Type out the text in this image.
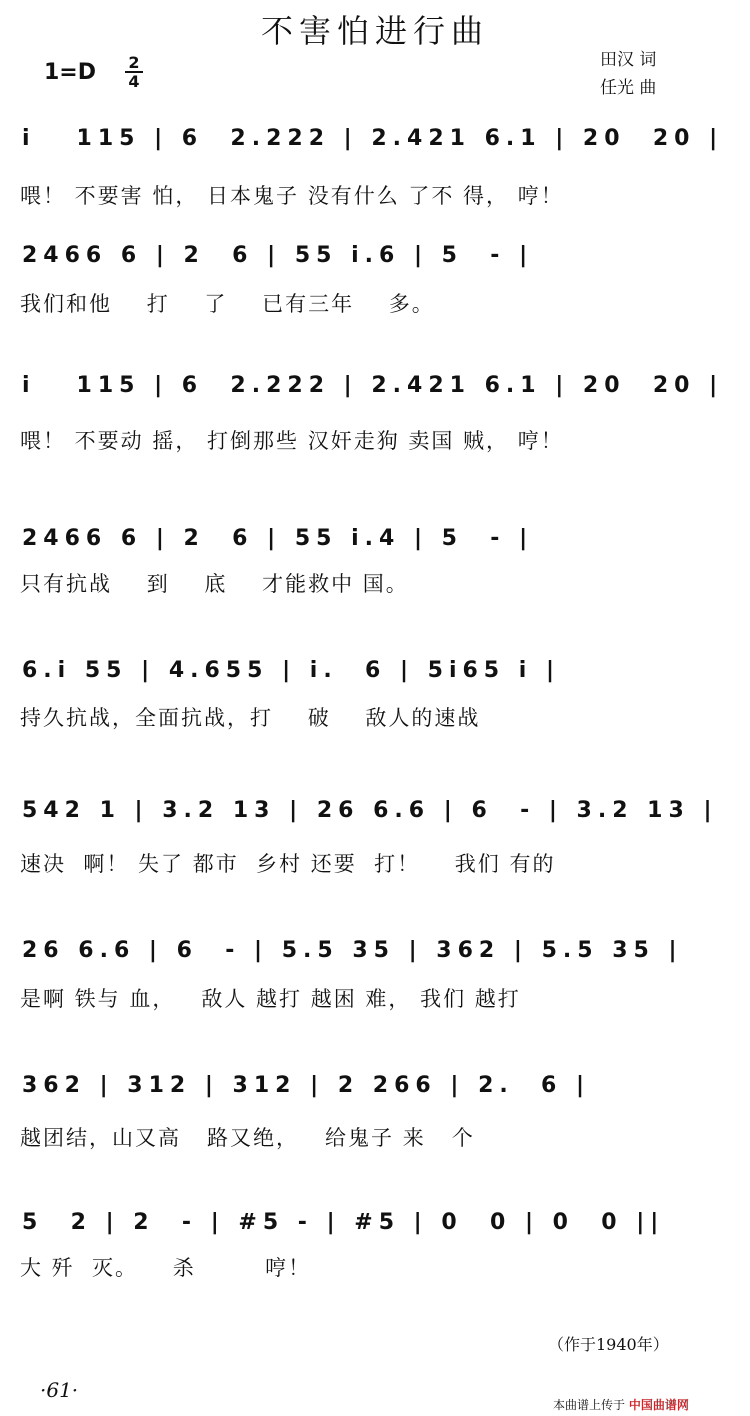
不害怕进行曲
1=D 2
4
田汉 词
任光 曲
i   115 | 6  2.222 | 2.421 6.1 | 20  20 |
喂！ 不要害 怕， 日本鬼子 没有什么 了不 得， 哼！
2466 6 | 2  6 | 55 i.6 | 5  - |
我们和他    打    了    已有三年    多。
i   115 | 6  2.222 | 2.421 6.1 | 20  20 |
喂！ 不要动 摇， 打倒那些 汉奸走狗 卖国 贼， 哼！
2466 6 | 2  6 | 55 i.4 | 5  - |
只有抗战    到    底    才能救中 国。
6.i 55 | 4.655 | i.  6 | 5i65 i |
持久抗战，全面抗战，打    破    敌人的速战
542 1 | 3.2 13 | 26 6.6 | 6  - | 3.2 13 |
速决  啊！ 失了 都市  乡村 还要  打！    我们 有的
26 6.6 | 6  - | 5.5 35 | 362 | 5.5 35 |
是啊 铁与 血，   敌人 越打 越困 难， 我们 越打
362 | 312 | 312 | 2 266 | 2.  6 |
越团结，山又高   路又绝，   给鬼子 来   个
5  2 | 2  - | #5 - | #5 | 0  0 | 0  0 ||
大 歼  灭。    杀        哼！
（作于1940年）
·61·
本曲谱上传于 中国曲谱网
